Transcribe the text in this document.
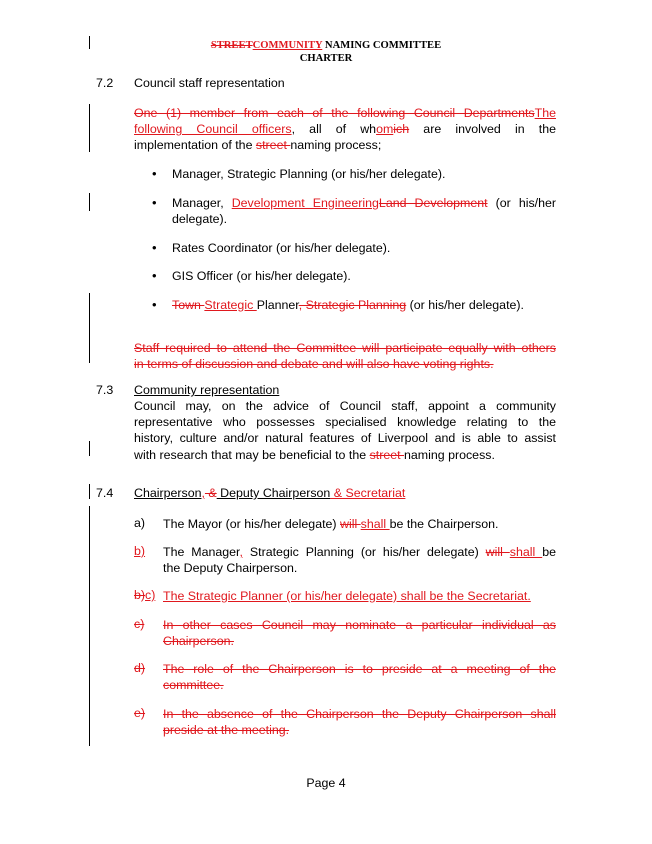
STREETCOMMUNITY NAMING COMMITTEE
CHARTER
7.2 Council staff representation
One (1) member from each of the following Council DepartmentsThe
following Council officers, all of whomich are involved in the
implementation of the street naming process;
• Manager, Strategic Planning (or his/her delegate).
• Manager, Development EngineeringLand Development (or his/her
delegate).
• Rates Coordinator (or his/her delegate).
• GIS Officer (or his/her delegate).
• Town Strategic Planner, Strategic Planning (or his/her delegate).
Staff required to attend the Committee will participate equally with others
in terms of discussion and debate and will also have voting rights.
7.3 Community representation
Council may, on the advice of Council staff, appoint a community
representative who possesses specialised knowledge relating to the
history, culture and/or natural features of Liverpool and is able to assist
with research that may be beneficial to the street naming process.
7.4 Chairperson, & Deputy Chairperson & Secretariat
a) The Mayor (or his/her delegate) will shall be the Chairperson.
b)	The Manager, Strategic Planning (or his/her delegate) will shall be
the Deputy Chairperson.
b)c) The Strategic Planner (or his/her delegate) shall be the Secretariat.
c) In other cases Council may nominate a particular individual as
Chairperson.
d) The role of the Chairperson is to preside at a meeting of the
committee.
e) In the absence of the Chairperson the Deputy Chairperson shall
preside at the meeting.
Page 4
